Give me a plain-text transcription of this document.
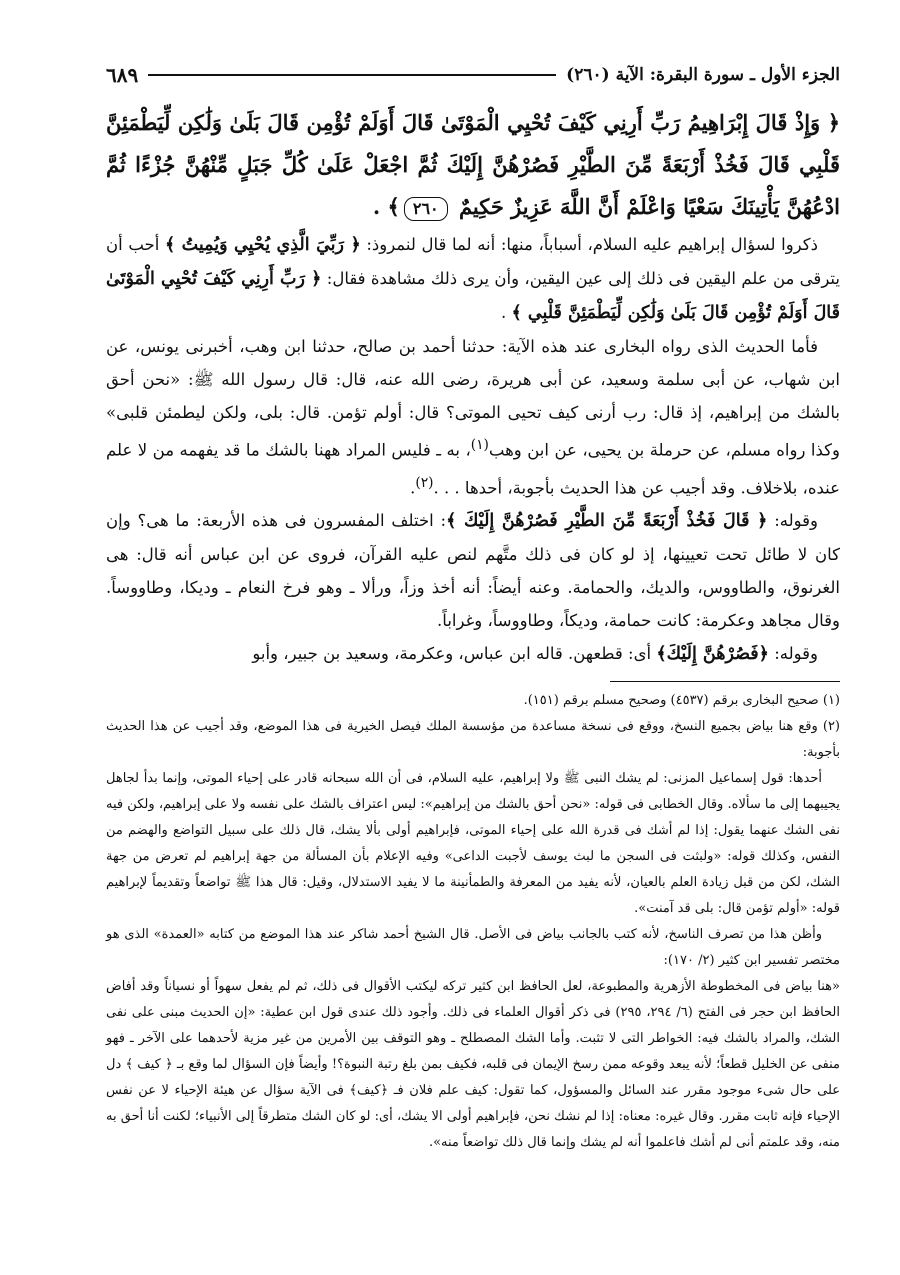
الجزء الأول ـ سورة البقرة: الآية (٢٦٠)
٦٨٩
﴿ وَإِذْ قَالَ إِبْرَاهِيمُ رَبِّ أَرِنِي كَيْفَ تُحْيِي الْمَوْتَىٰ قَالَ أَوَلَمْ تُؤْمِن قَالَ بَلَىٰ وَلَٰكِن لِّيَطْمَئِنَّ قَلْبِي قَالَ فَخُذْ أَرْبَعَةً مِّنَ الطَّيْرِ فَصُرْهُنَّ إِلَيْكَ ثُمَّ اجْعَلْ عَلَىٰ كُلِّ جَبَلٍ مِّنْهُنَّ جُزْءًا ثُمَّ ادْعُهُنَّ يَأْتِينَكَ سَعْيًا وَاعْلَمْ أَنَّ اللَّهَ عَزِيزٌ حَكِيمٌ ٢٦٠﴾ .

ذكروا لسؤال إبراهيم عليه السلام، أسباباً، منها: أنه لما قال لنمروذ: ﴿ رَبِّيَ الَّذِي يُحْيِي وَيُمِيتُ ﴾ أحب أن يترقى من علم اليقين فى ذلك إلى عين اليقين، وأن يرى ذلك مشاهدة فقال: ﴿ رَبِّ أَرِنِي كَيْفَ تُحْيِي الْمَوْتَىٰ قَالَ أَوَلَمْ تُؤْمِن قَالَ بَلَىٰ وَلَٰكِن لِّيَطْمَئِنَّ قَلْبِي ﴾ .

فأما الحديث الذى رواه البخارى عند هذه الآية: حدثنا أحمد بن صالح، حدثنا ابن وهب، أخبرنى يونس، عن ابن شهاب، عن أبى سلمة وسعيد، عن أبى هريرة، رضى الله عنه، قال: قال رسول الله ﷺ: «نحن أحق بالشك من إبراهيم، إذ قال: رب أرنى كيف تحيى الموتى؟ قال: أولم تؤمن. قال: بلى، ولكن ليطمئن قلبى» وكذا رواه مسلم، عن حرملة بن يحيى، عن ابن وهب$^{(١)}$، به ـ فليس المراد ههنا بالشك ما قد يفهمه من لا علم عنده، بلاخلاف. وقد أجيب عن هذا الحديث بأجوبة، أحدها . . .$^{(٢)}$.

وقوله: ﴿ قَالَ فَخُذْ أَرْبَعَةً مِّنَ الطَّيْرِ فَصُرْهُنَّ إِلَيْكَ ﴾: اختلف المفسرون فى هذه الأربعة: ما هى؟ وإن كان لا طائل تحت تعيينها، إذ لو كان فى ذلك متَّهم لنص عليه القرآن، فروى عن ابن عباس أنه قال: هى الغرنوق، والطاووس، والديك، والحمامة. وعنه أيضاً: أنه أخذ وزاً، ورألا ـ وهو فرخ النعام ـ وديكا، وطاووساً. وقال مجاهد وعكرمة: كانت حمامة، وديكاً، وطاووساً، وغراباً.

وقوله: ﴿فَصُرْهُنَّ إِلَيْكَ﴾ أى: قطعهن. قاله ابن عباس، وعكرمة، وسعيد بن جبير، وأبو

(١) صحيح البخارى برقم (٤٥٣٧) وصحيح مسلم برقم (١٥١).

(٢) وقع هنا بياض بجميع النسخ، ووقع فى نسخة مساعدة من مؤسسة الملك فيصل الخيرية فى هذا الموضع، وقد أجيب عن هذا الحديث بأجوبة:

أحدها: قول إسماعيل المزنى: لم يشك النبى ﷺ ولا إبراهيم، عليه السلام، فى أن الله سبحانه قادر على إحياء الموتى، وإنما بدأ لجاهل يجيبهما إلى ما سألاه. وقال الخطابى فى قوله: «نحن أحق بالشك من إبراهيم»: ليس اعتراف بالشك على نفسه ولا على إبراهيم، ولكن فيه نفى الشك عنهما يقول: إذا لم أشك فى قدرة الله على إحياء الموتى، فإبراهيم أولى بألا يشك، قال ذلك على سبيل التواضع والهضم من النفس، وكذلك قوله: «ولبثت فى السجن ما لبث يوسف لأجبت الداعى» وفيه الإعلام بأن المسألة من جهة إبراهيم لم تعرض من جهة الشك، لكن من قبل زيادة العلم بالعيان، لأنه يفيد من المعرفة والطمأنينة ما لا يفيد الاستدلال، وقيل: قال هذا ﷺ تواضعاً وتقديماً لإبراهيم قوله: «أولم تؤمن قال: بلى قد آمنت».

وأظن هذا من تصرف الناسخ، لأنه كتب بالجانب بياض فى الأصل. قال الشيخ أحمد شاكر عند هذا الموضع من كتابه «العمدة» الذى هو مختصر تفسير ابن كثير (٢/ ١٧٠):

«هنا بياض فى المخطوطة الأزهرية والمطبوعة، لعل الحافظ ابن كثير تركه ليكتب الأقوال فى ذلك، ثم لم يفعل سهواً أو نسياناً وقد أفاض الحافظ ابن حجر فى الفتح (٦/ ٢٩٤، ٢٩٥) فى ذكر أقوال العلماء فى ذلك. وأجود ذلك عندى قول ابن عطية: «إن الحديث مبنى على نفى الشك، والمراد بالشك فيه: الخواطر التى لا تثبت. وأما الشك المصطلح ـ وهو التوقف بين الأمرين من غير مزية لأحدهما على الآخر ـ فهو منفى عن الخليل قطعاً؛ لأنه يبعد وقوعه ممن رسخ الإيمان فى قلبه، فكيف بمن بلغ رتبة النبوة؟! وأيضاً فإن السؤال لما وقع بـ ﴿ كيف ﴾ دل على حال شىء موجود مقرر عند السائل والمسؤول، كما تقول: كيف علم فلان فـ ﴿كيف﴾ فى الآية سؤال عن هيئة الإحياء لا عن نفس الإحياء فإنه ثابت مقرر. وقال غيره: معناه: إذا لم نشك نحن، فإبراهيم أولى الا يشك، أى: لو كان الشك متطرقاً إلى الأنبياء؛ لكنت أنا أحق به منه، وقد علمتم أنى لم أشك فاعلموا أنه لم يشك وإنما قال ذلك تواضعاً منه».
